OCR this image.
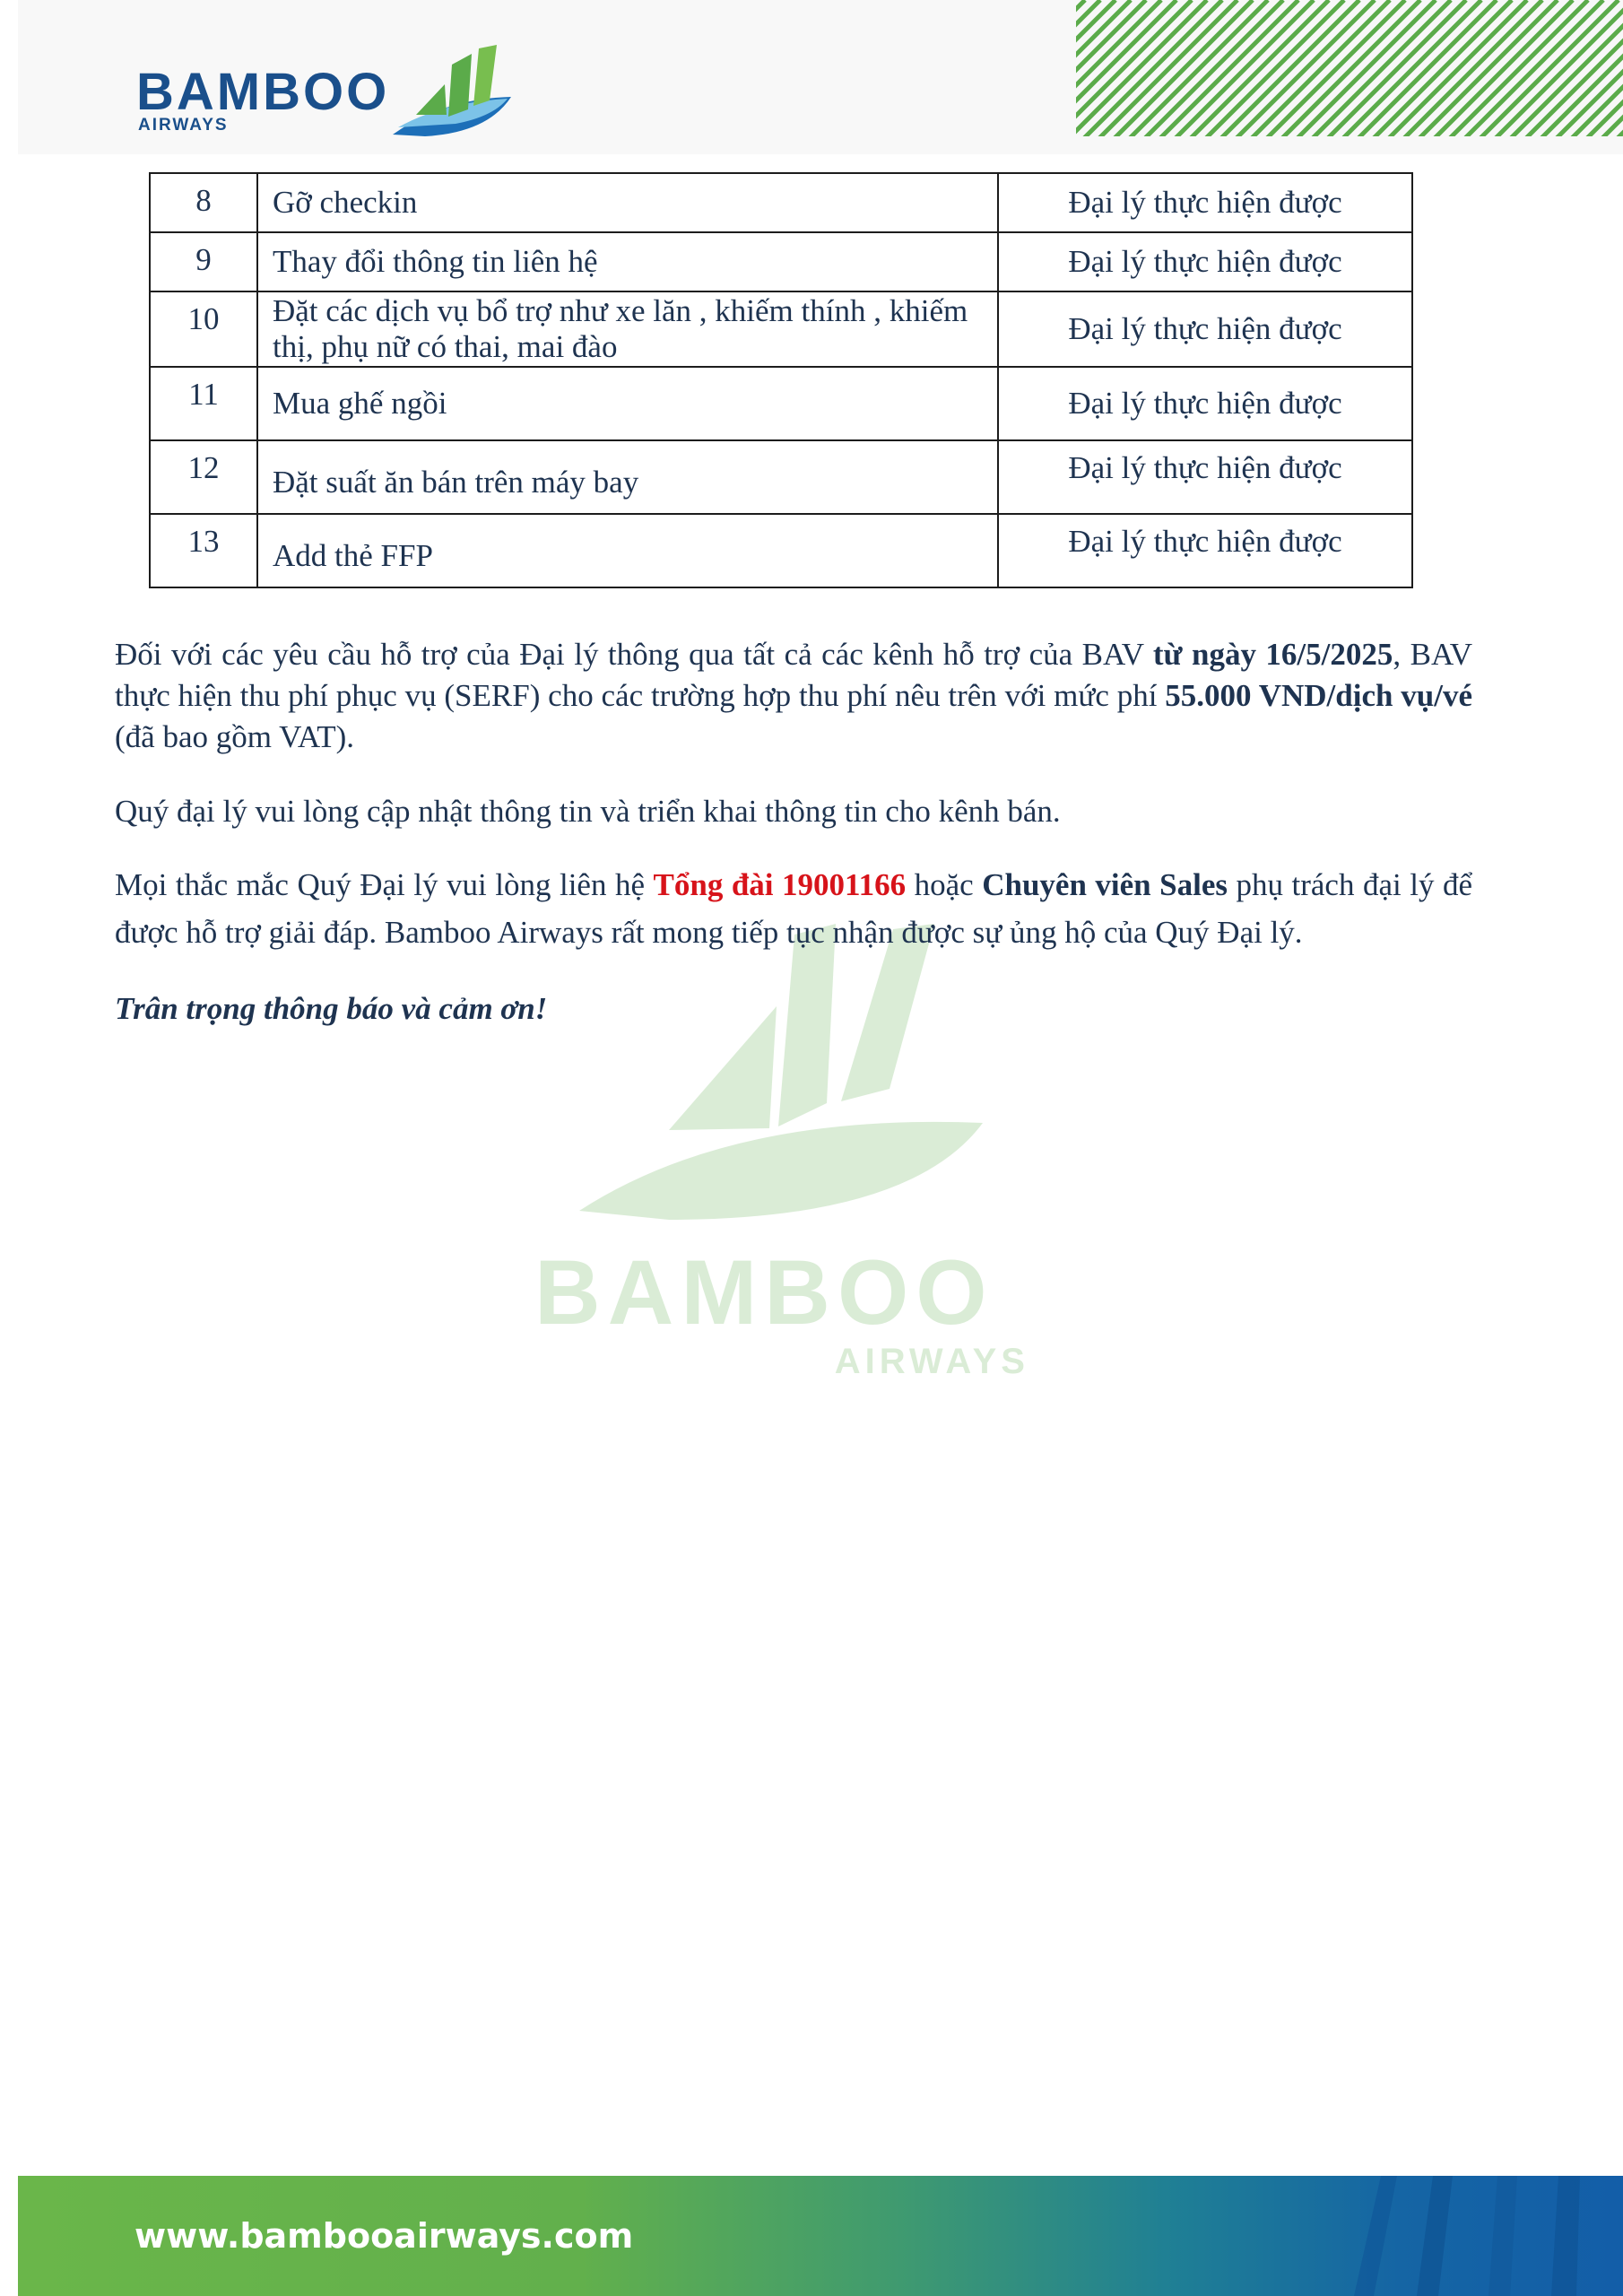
BAMBOO
AIRWAYS
8	Gỡ checkin	Đại lý thực hiện được
9	Thay đổi thông tin liên hệ	Đại lý thực hiện được
10	Đặt các dịch vụ bổ trợ như xe lăn , khiếm thính , khiếm thị, phụ nữ có thai, mai đào	Đại lý thực hiện được
11	Mua ghế ngồi	Đại lý thực hiện được
12	Đặt suất ăn bán trên máy bay	Đại lý thực hiện được
13	Add thẻ FFP	Đại lý thực hiện được
BAMBOO
AIRWAYS
Đối với các yêu cầu hỗ trợ của Đại lý thông qua tất cả các kênh hỗ trợ của BAV từ ngày 16/5/2025, BAV thực hiện thu phí phục vụ (SERF) cho các trường hợp thu phí nêu trên với mức phí 55.000 VND/dịch vụ/vé (đã bao gồm VAT).
Quý đại lý vui lòng cập nhật thông tin và triển khai thông tin cho kênh bán.
Mọi thắc mắc Quý Đại lý vui lòng liên hệ Tổng đài 19001166 hoặc Chuyên viên Sales phụ trách đại lý để được hỗ trợ giải đáp. Bamboo Airways rất mong tiếp tục nhận được sự ủng hộ của Quý Đại lý.
Trân trọng thông báo và cảm ơn!
www.bambooairways.com
